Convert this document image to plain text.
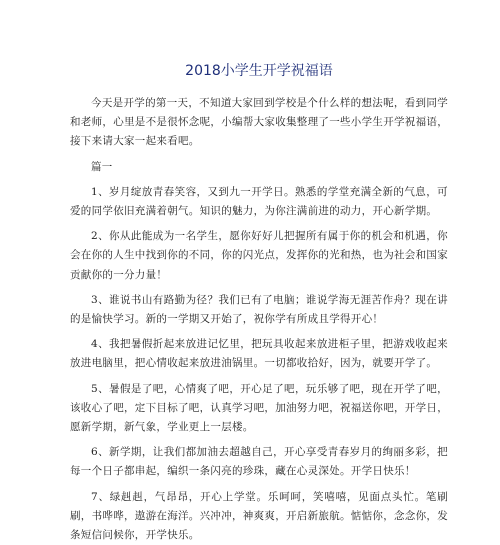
2018小学生开学祝福语

今天是开学的第一天，不知道大家回到学校是个什么样的想法呢，看到同学和老师，心里是不是很怀念呢，小编帮大家收集整理了一些小学生开学祝福语，接下来请大家一起来看吧。

篇一

1、岁月绽放青春笑容，又到九一开学日。熟悉的学堂充满全新的气息，可爱的同学依旧充满着朝气。知识的魅力，为你注满前进的动力，开心新学期。

2、你从此能成为一名学生，愿你好好儿把握所有属于你的机会和机遇，你会在你的人生中找到你的不同，你的闪光点，发挥你的光和热，也为社会和国家贡献你的一分力量！

3、谁说书山有路勤为径？我们已有了电脑；谁说学海无涯苦作舟？现在讲的是愉快学习。新的一学期又开始了，祝你学有所成且学得开心！

4、我把暑假折起来放进记忆里，把玩具收起来放进柜子里，把游戏收起来放进电脑里，把心情收起来放进油锅里。一切都收拾好，因为，就要开学了。

5、暑假是了吧，心情爽了吧，开心足了吧，玩乐够了吧，现在开学了吧，该收心了吧，定下目标了吧，认真学习吧，加油努力吧，祝福送你吧，开学日，愿新学期，新气象，学业更上一层楼。

6、新学期，让我们都加油去超越自己，开心享受青春岁月的绚丽多彩，把每一个日子都串起，编织一条闪亮的珍珠，藏在心灵深处。开学日快乐！

7、绿赳赳，气昂昂，开心上学堂。乐呵呵，笑嘻嘻，见面点头忙。笔刷刷，书哗哗，遨游在海洋。兴冲冲，神爽爽，开启新旅航。惦惦你，念念你，发条短信问候你，开学快乐。
